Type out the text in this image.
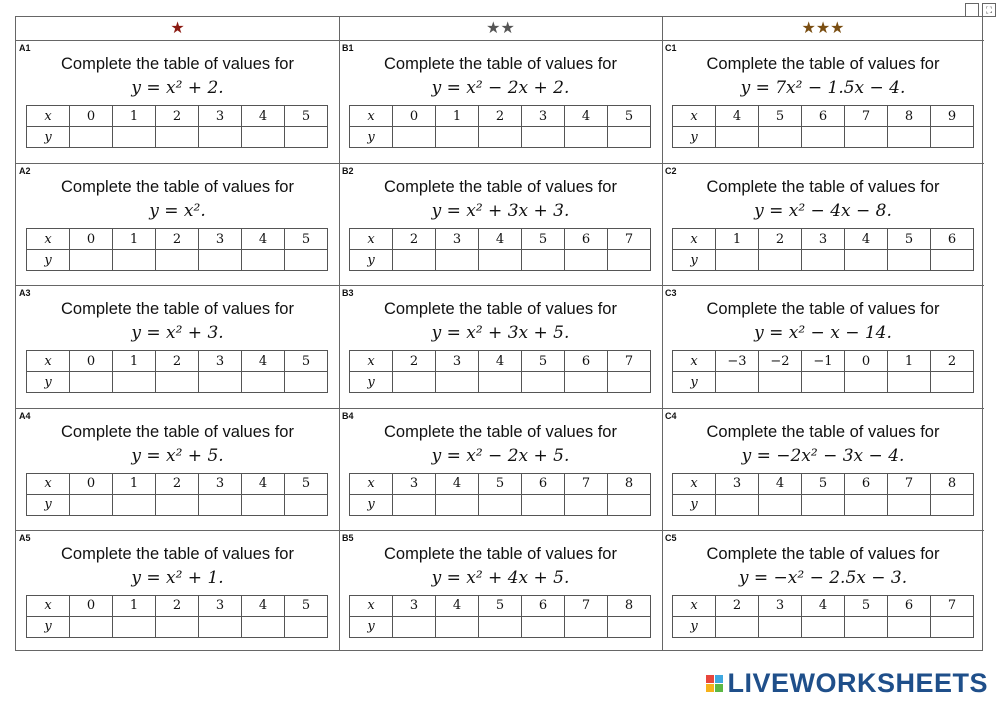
⛶
★	★★	★★★
A1
Complete the table of values for
y = x² + 2.
x	0	1	2	3	4	5
y						
A2
Complete the table of values for
y = x².
x	0	1	2	3	4	5
y						
A3
Complete the table of values for
y = x² + 3.
x	0	1	2	3	4	5
y						
A4
Complete the table of values for
y = x² + 5.
x	0	1	2	3	4	5
y						
A5
Complete the table of values for
y = x² + 1.
x	0	1	2	3	4	5
y						
B1
Complete the table of values for
y = x² − 2x + 2.
x	0	1	2	3	4	5
y						
B2
Complete the table of values for
y = x² + 3x + 3.
x	2	3	4	5	6	7
y						
B3
Complete the table of values for
y = x² + 3x + 5.
x	2	3	4	5	6	7
y						
B4
Complete the table of values for
y = x² − 2x + 5.
x	3	4	5	6	7	8
y						
B5
Complete the table of values for
y = x² + 4x + 5.
x	3	4	5	6	7	8
y						
C1
Complete the table of values for
y = 7x² − 1.5x − 4.
x	4	5	6	7	8	9
y						
C2
Complete the table of values for
y = x² − 4x − 8.
x	1	2	3	4	5	6
y						
C3
Complete the table of values for
y = x² − x − 14.
x	−3	−2	−1	0	1	2
y						
C4
Complete the table of values for
y = −2x² − 3x − 4.
x	3	4	5	6	7	8
y						
C5
Complete the table of values for
y = −x² − 2.5x − 3.
x	2	3	4	5	6	7
y						
LIVEWORKSHEETS
